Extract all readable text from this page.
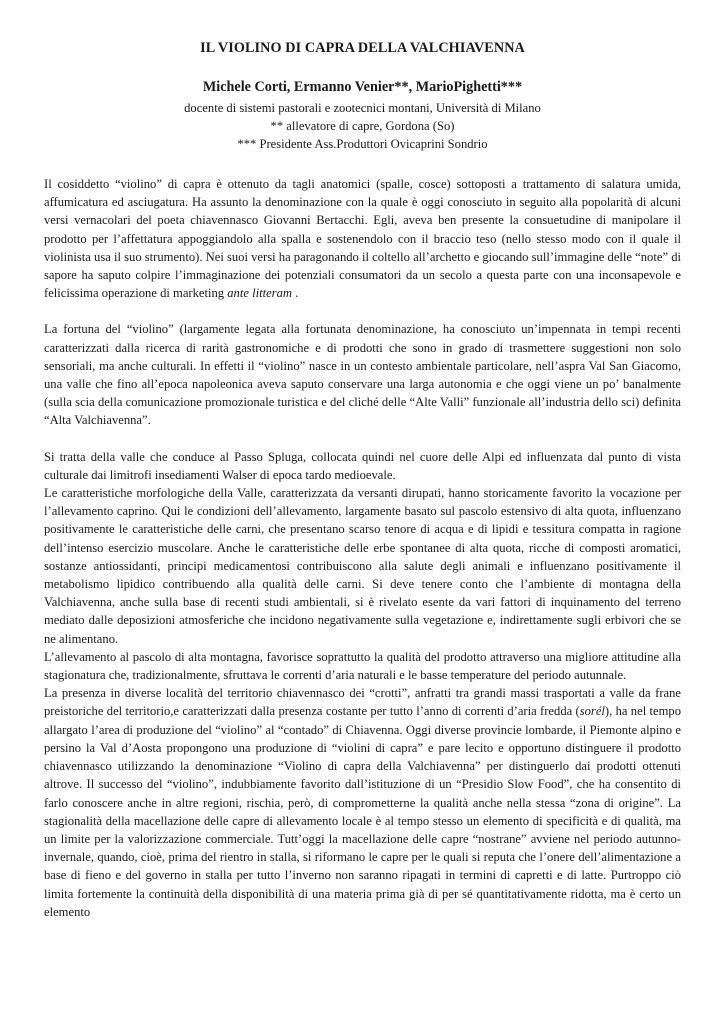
IL VIOLINO DI CAPRA DELLA VALCHIAVENNA
Michele Corti, Ermanno Venier**, MarioPighetti***

docente di sistemi pastorali e zootecnici montani, Università di Milano

** allevatore di capre, Gordona (So)

*** Presidente Ass.Produttori Ovicaprini Sondrio

Il cosiddetto “violino” di capra è ottenuto da tagli anatomici (spalle, cosce) sottoposti a trattamento di salatura umida, affumicatura ed asciugatura. Ha assunto la denominazione con la quale è oggi conosciuto in seguito alla popolarità di alcuni versi vernacolari del poeta chiavennasco Giovanni Bertacchi. Egli, aveva ben presente la consuetudine di manipolare il prodotto per l’affettatura appoggiandolo alla spalla e sostenendolo con il braccio teso (nello stesso modo con il quale il violinista usa il suo strumento). Nei suoi versi ha paragonando il coltello all’archetto e giocando sull’immagine delle “note” di sapore ha saputo colpire l’immaginazione dei potenziali consumatori da un secolo a questa parte con una inconsapevole e felicissima operazione di marketing ante litteram .

La fortuna del “violino” (largamente legata alla fortunata denominazione, ha conosciuto un’impennata in tempi recenti caratterizzati dalla ricerca di rarità gastronomiche e di prodotti che sono in grado di trasmettere suggestioni non solo sensoriali, ma anche culturali. In effetti il “violino” nasce in un contesto ambientale particolare, nell’aspra Val San Giacomo, una valle che fino all’epoca napoleonica aveva saputo conservare una larga autonomia e che oggi viene un po’ banalmente (sulla scia della comunicazione promozionale turistica e del cliché delle “Alte Valli” funzionale all’industria dello sci) definita “Alta Valchiavenna”.

Si tratta della valle che conduce al Passo Spluga, collocata quindi nel cuore delle Alpi ed influenzata dal punto di vista culturale dai limitrofi insediamenti Walser di epoca tardo medioevale.

Le caratteristiche morfologiche della Valle, caratterizzata da versanti dirupati, hanno storicamente favorito la vocazione per l’allevamento caprino. Qui le condizioni dell’allevamento, largamente basato sul pascolo estensivo di alta quota, influenzano positivamente le caratteristiche delle carni, che presentano scarso tenore di acqua e di lipidi e tessitura compatta in ragione dell’intenso esercizio muscolare. Anche le caratteristiche delle erbe spontanee di alta quota, ricche di composti aromatici, sostanze antiossidanti, principi medicamentosi contribuiscono alla salute degli animali e influenzano positivamente il metabolismo lipidico contribuendo alla qualità delle carni. Si deve tenere conto che l’ambiente di montagna della Valchiavenna, anche sulla base di recenti studi ambientali, si è rivelato esente da vari fattori di inquinamento del terreno mediato dalle deposizioni atmosferiche che incidono negativamente sulla vegetazione e, indirettamente sugli erbivori che se ne alimentano.

L’allevamento al pascolo di alta montagna, favorisce soprattutto la qualità del prodotto attraverso una migliore attitudine alla stagionatura che, tradizionalmente, sfruttava le correnti d’aria naturali e le basse temperature del periodo autunnale.

La presenza in diverse località del territorio chiavennasco dei “crotti”, anfratti tra grandi massi trasportati a valle da frane preistoriche del territorio,e caratterizzati dalla presenza costante per tutto l’anno di correnti d’aria fredda (sorél), ha nel tempo allargato l’area di produzione del “violino” al “contado” di Chiavenna. Oggi diverse provincie lombarde, il Piemonte alpino e persino la Val d’Aosta propongono una produzione di “violini di capra” e pare lecito e opportuno distinguere il prodotto chiavennasco utilizzando la denominazione “Violino di capra della Valchiavenna” per distinguerlo dai prodotti ottenuti altrove. Il successo del “violino”, indubbiamente favorito dall’istituzione di un “Presidio Slow Food”, che ha consentito di farlo conoscere anche in altre regioni, rischia, però, di comprometterne la qualità anche nella stessa “zona di origine”. La stagionalità della macellazione delle capre di allevamento locale è al tempo stesso un elemento di specificità e di qualità, ma un limite per la valorizzazione commerciale. Tutt’oggi la macellazione delle capre “nostrane” avviene nel periodo autunno-invernale, quando, cioè, prima del rientro in stalla, si riformano le capre per le quali si reputa che l’onere dell’alimentazione a base di fieno e del governo in stalla per tutto l’inverno non saranno ripagati in termini di capretti e di latte. Purtroppo ciò limita fortemente la continuità della disponibilità di una materia prima già di per sé quantitativamente ridotta, ma è certo un elemento
